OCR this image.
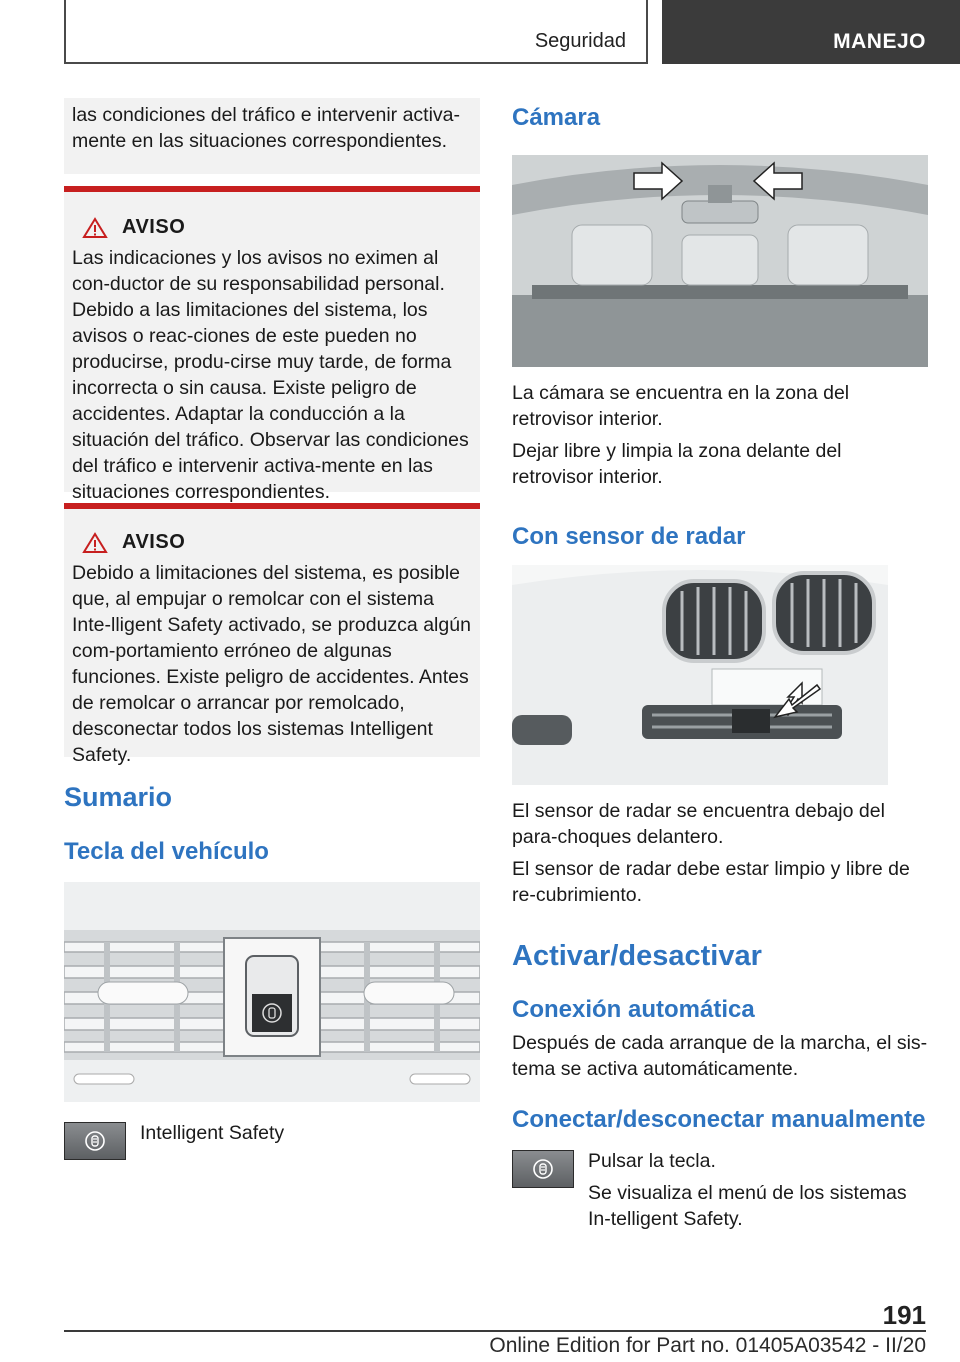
Seguridad	MANEJO
las condiciones del tráfico e intervenir activa-mente en las situaciones correspondientes.
AVISO
Las indicaciones y los avisos no eximen al con-ductor de su responsabilidad personal. Debido a las limitaciones del sistema, los avisos o reac-ciones de este pueden no producirse, produ-cirse muy tarde, de forma incorrecta o sin causa. Existe peligro de accidentes. Adaptar la conducción a la situación del tráfico. Observar las condiciones del tráfico e intervenir activa-mente en las situaciones correspondientes.
AVISO
Debido a limitaciones del sistema, es posible que, al empujar o remolcar con el sistema Inte-lligent Safety activado, se produzca algún com-portamiento erróneo de algunas funciones. Existe peligro de accidentes. Antes de remolcar o arrancar por remolcado, desconectar todos los sistemas Intelligent Safety.
Sumario
Tecla del vehículo
Intelligent Safety
Cámara
La cámara se encuentra en la zona del retrovisor interior.
Dejar libre y limpia la zona delante del retrovisor interior.
Con sensor de radar
El sensor de radar se encuentra debajo del para-choques delantero.
El sensor de radar debe estar limpio y libre de re-cubrimiento.
Activar/desactivar
Conexión automática
Después de cada arranque de la marcha, el sis-tema se activa automáticamente.
Conectar/desconectar manualmente
Pulsar la tecla.
Se visualiza el menú de los sistemas In-telligent Safety.
191
Online Edition for Part no. 01405A03542 - II/20
